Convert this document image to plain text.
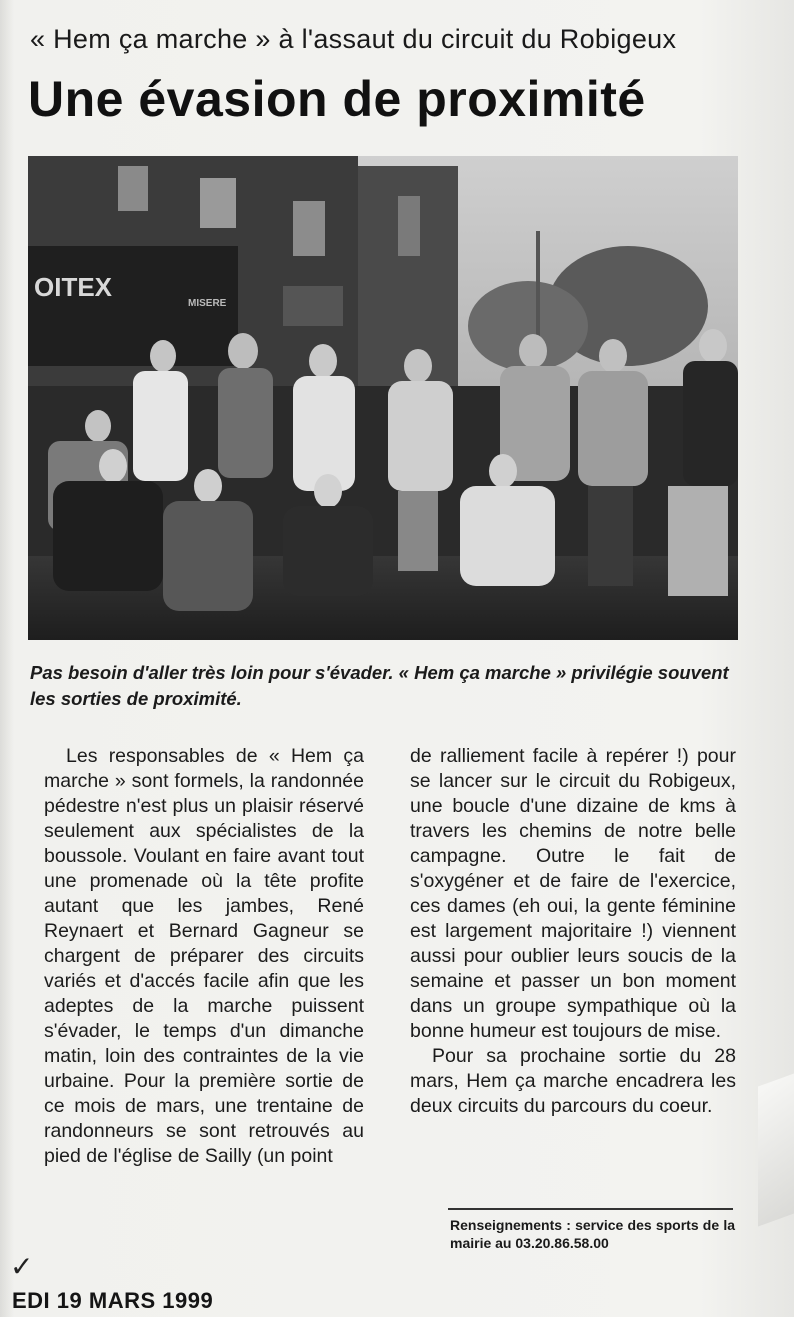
« Hem ça marche » à l'assaut du circuit du Robigeux
Une évasion de proximité
OITEX
MISERE
Pas besoin d'aller très loin pour s'évader. « Hem ça marche » privilégie souvent les sorties de proximité.

Les responsables de « Hem ça marche » sont formels, la randonnée pédestre n'est plus un plaisir réservé seulement aux spécialistes de la boussole. Voulant en faire avant tout une promenade où la tête profite autant que les jambes, René Reynaert et Bernard Gagneur se chargent de préparer des circuits variés et d'accés facile afin que les adeptes de la marche puissent s'évader, le temps d'un dimanche matin, loin des contraintes de la vie urbaine. Pour la première sortie de ce mois de mars, une trentaine de randonneurs se sont retrouvés au pied de l'église de Sailly (un point

de ralliement facile à repérer !) pour se lancer sur le circuit du Robigeux, une boucle d'une dizaine de kms à travers les chemins de notre belle campagne. Outre le fait de s'oxygéner et de faire de l'exercice, ces dames (eh oui, la gente féminine est largement majoritaire !) viennent aussi pour oublier leurs soucis de la semaine et passer un bon moment dans un groupe sympathique où la bonne humeur est toujours de mise.

Pour sa prochaine sortie du 28 mars, Hem ça marche encadrera les deux circuits du parcours du coeur.

Renseignements : service des sports de la mairie au 03.20.86.58.00
✓
EDI 19 MARS 1999
